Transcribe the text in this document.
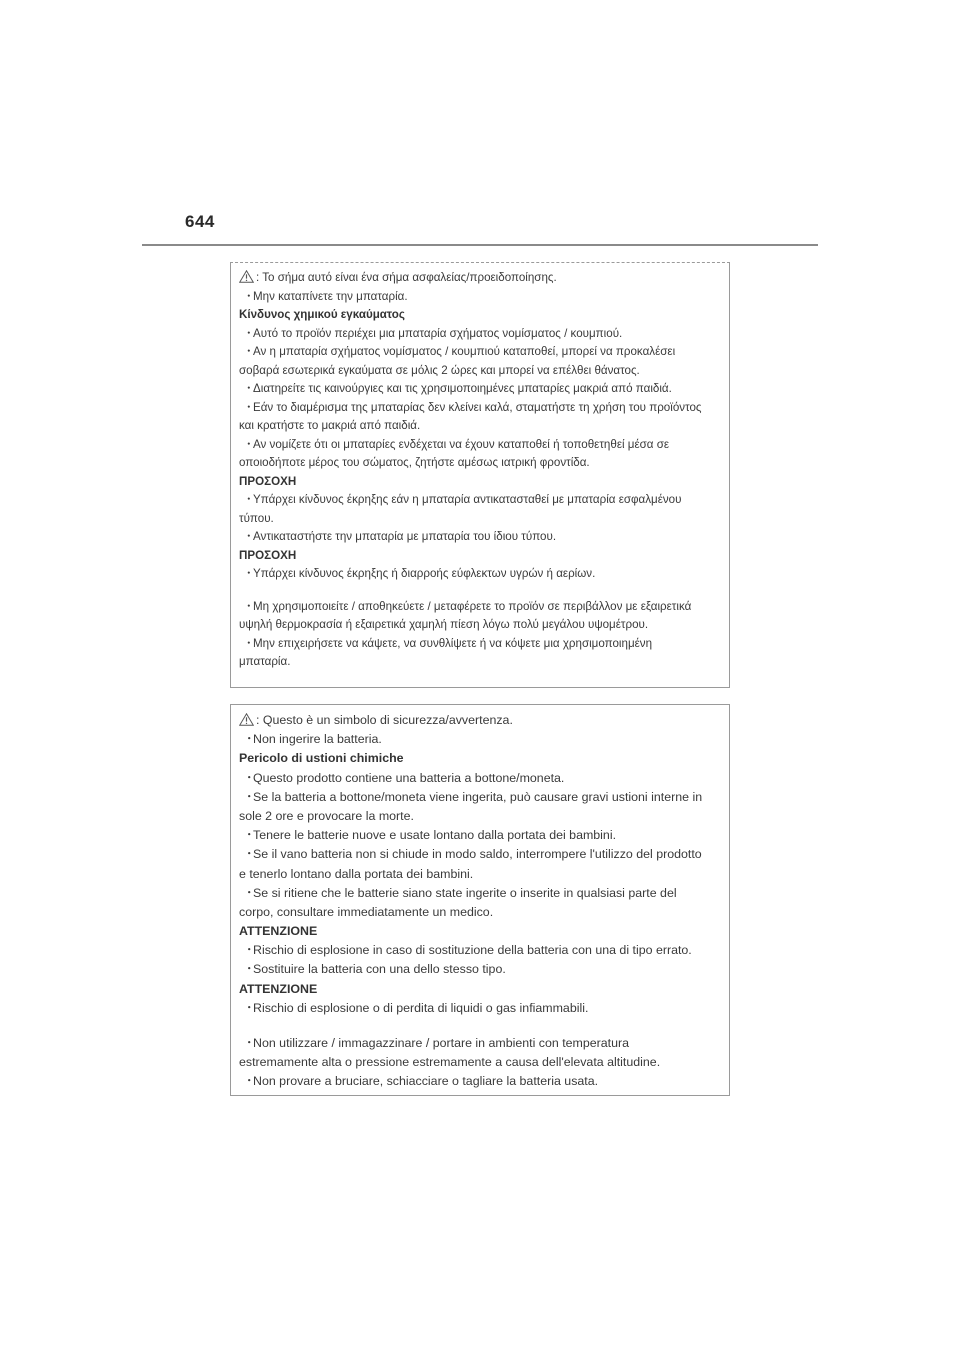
644
: Το σήμα αυτό είναι ένα σήμα ασφαλείας/προειδοποίησης.
・Μην καταπίνετε την μπαταρία.
Κίνδυνος χημικού εγκαύματος
・Αυτό το προϊόν περιέχει μια μπαταρία σχήματος νομίσματος / κουμπιού.
・Αν η μπαταρία σχήματος νομίσματος / κουμπιού καταποθεί, μπορεί να προκαλέσει
σοβαρά εσωτερικά εγκαύματα σε μόλις 2 ώρες και μπορεί να επέλθει θάνατος.
・Διατηρείτε τις καινούργιες και τις χρησιμοποιημένες μπαταρίες μακριά από παιδιά.
・Εάν το διαμέρισμα της μπαταρίας δεν κλείνει καλά, σταματήστε τη χρήση του προϊόντος
και κρατήστε το μακριά από παιδιά.
・Αν νομίζετε ότι οι μπαταρίες ενδέχεται να έχουν καταποθεί ή τοποθετηθεί μέσα σε
οποιοδήποτε μέρος του σώματος, ζητήστε αμέσως ιατρική φροντίδα.
ΠΡΟΣΟΧΗ
・Υπάρχει κίνδυνος έκρηξης εάν η μπαταρία αντικατασταθεί με μπαταρία εσφαλμένου
τύπου.
・Αντικαταστήστε την μπαταρία με μπαταρία του ίδιου τύπου.
ΠΡΟΣΟΧΗ
・Υπάρχει κίνδυνος έκρηξης ή διαρροής εύφλεκτων υγρών ή αερίων.
・Μη χρησιμοποιείτε / αποθηκεύετε / μεταφέρετε το προϊόν σε περιβάλλον με εξαιρετικά
υψηλή θερμοκρασία ή εξαιρετικά χαμηλή πίεση λόγω πολύ μεγάλου υψομέτρου.
・Μην επιχειρήσετε να κάψετε, να συνθλίψετε ή να κόψετε μια χρησιμοποιημένη
μπαταρία.
: Questo è un simbolo di sicurezza/avvertenza.
・Non ingerire la batteria.
Pericolo di ustioni chimiche
・Questo prodotto contiene una batteria a bottone/moneta.
・Se la batteria a bottone/moneta viene ingerita, può causare gravi ustioni interne in
sole 2 ore e provocare la morte.
・Tenere le batterie nuove e usate lontano dalla portata dei bambini.
・Se il vano batteria non si chiude in modo saldo, interrompere l'utilizzo del prodotto
e tenerlo lontano dalla portata dei bambini.
・Se si ritiene che le batterie siano state ingerite o inserite in qualsiasi parte del
corpo, consultare immediatamente un medico.
ATTENZIONE
・Rischio di esplosione in caso di sostituzione della batteria con una di tipo errato.
・Sostituire la batteria con una dello stesso tipo.
ATTENZIONE
・Rischio di esplosione o di perdita di liquidi o gas infiammabili.
・Non utilizzare / immagazzinare / portare in ambienti con temperatura
estremamente alta o pressione estremamente a causa dell'elevata altitudine.
・Non provare a bruciare, schiacciare o tagliare la batteria usata.
